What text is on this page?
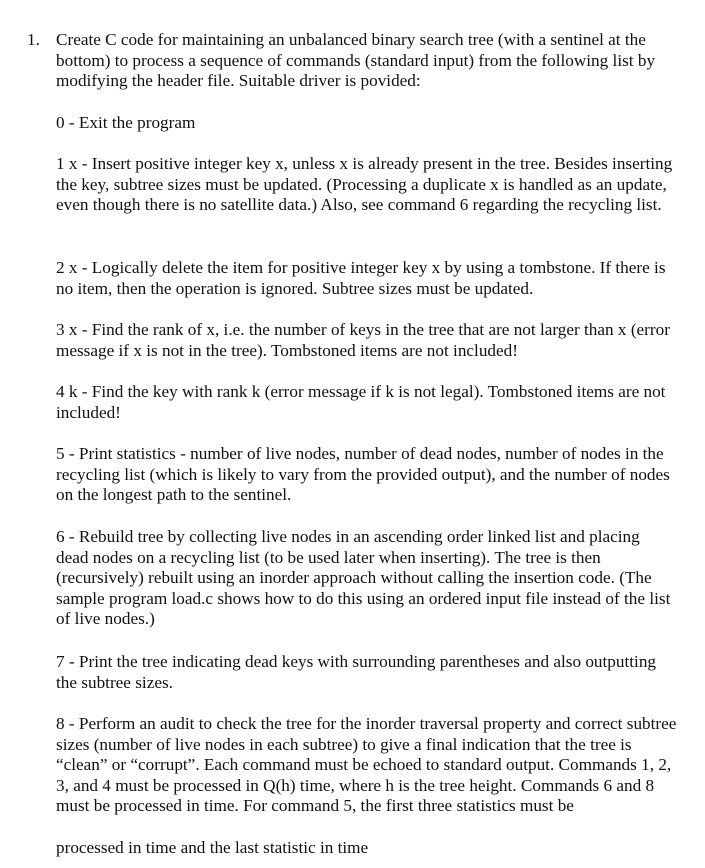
1. Create C code for maintaining an unbalanced binary search tree (with a sentinel at the bottom) to process a sequence of commands (standard input) from the following list by modifying the header file. Suitable driver is povided:

0 - Exit the program

1 x - Insert positive integer key x, unless x is already present in the tree. Besides inserting the key, subtree sizes must be updated. (Processing a duplicate x is handled as an update, even though there is no satellite data.) Also, see command 6 regarding the recycling list.

2 x - Logically delete the item for positive integer key x by using a tombstone. If there is no item, then the operation is ignored. Subtree sizes must be updated.

3 x - Find the rank of x, i.e. the number of keys in the tree that are not larger than x (error message if x is not in the tree). Tombstoned items are not included!

4 k - Find the key with rank k (error message if k is not legal). Tombstoned items are not included!

5 - Print statistics - number of live nodes, number of dead nodes, number of nodes in the recycling list (which is likely to vary from the provided output), and the number of nodes on the longest path to the sentinel.

6 - Rebuild tree by collecting live nodes in an ascending order linked list and placing dead nodes on a recycling list (to be used later when inserting). The tree is then (recursively) rebuilt using an inorder approach without calling the insertion code. (The sample program load.c shows how to do this using an ordered input file instead of the list of live nodes.)

7 - Print the tree indicating dead keys with surrounding parentheses and also outputting the subtree sizes.

8 - Perform an audit to check the tree for the inorder traversal property and correct subtree sizes (number of live nodes in each subtree) to give a final indication that the tree is “clean” or “corrupt”. Each command must be echoed to standard output. Commands 1, 2, 3, and 4 must be processed in Q(h) time, where h is the tree height. Commands 6 and 8 must be processed in time. For command 5, the first three statistics must be

processed in time and the last statistic in time
